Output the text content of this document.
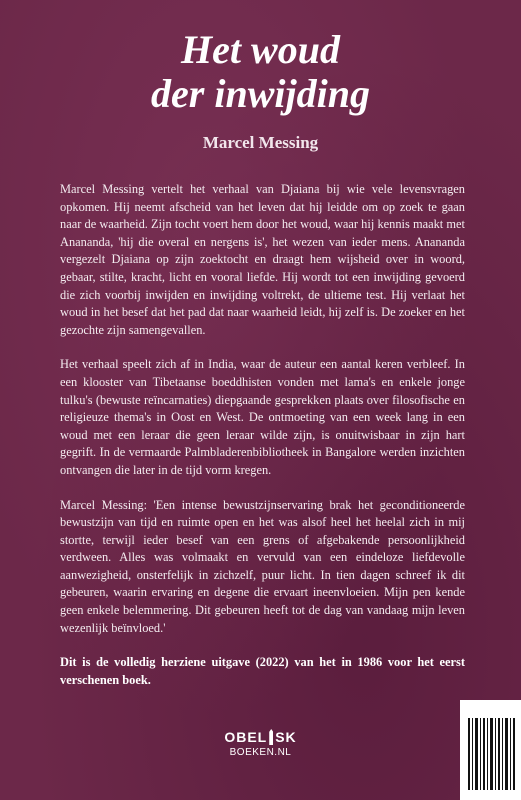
Het woud
der inwijding
Marcel Messing

Marcel Messing vertelt het verhaal van Djaiana bij wie vele levensvragen opkomen. Hij neemt afscheid van het leven dat hij leidde om op zoek te gaan naar de waarheid. Zijn tocht voert hem door het woud, waar hij kennis maakt met Anananda, 'hij die overal en nergens is', het wezen van ieder mens. Anananda vergezelt Djaiana op zijn zoektocht en draagt hem wijsheid over in woord, gebaar, stilte, kracht, licht en vooral liefde. Hij wordt tot een inwijding gevoerd die zich voorbij inwijden en inwijding voltrekt, de ultieme test. Hij verlaat het woud in het besef dat het pad dat naar waarheid leidt, hij zelf is. De zoeker en het gezochte zijn samengevallen.

Het verhaal speelt zich af in India, waar de auteur een aantal keren verbleef. In een klooster van Tibetaanse boeddhisten vonden met lama's en enkele jonge tulku's (bewuste reïncarnaties) diepgaande gesprekken plaats over filosofische en religieuze thema's in Oost en West. De ontmoeting van een week lang in een woud met een leraar die geen leraar wilde zijn, is onuitwisbaar in zijn hart gegrift. In de vermaarde Palmbladerenbibliotheek in Bangalore werden inzichten ontvangen die later in de tijd vorm kregen.

Marcel Messing: 'Een intense bewustzijnservaring brak het geconditioneerde bewustzijn van tijd en ruimte open en het was alsof heel het heelal zich in mij stortte, terwijl ieder besef van een grens of afgebakende persoonlijkheid verdween. Alles was volmaakt en vervuld van een eindeloze liefdevolle aanwezigheid, onsterfelijk in zichzelf, puur licht. In tien dagen schreef ik dit gebeuren, waarin ervaring en degene die ervaart ineenvloeien. Mijn pen kende geen enkele belemmering. Dit gebeuren heeft tot de dag van vandaag mijn leven wezenlijk beïnvloed.'

Dit is de volledig herziene uitgave (2022) van het in 1986 voor het eerst verschenen boek.

OBEL SK
BOEKEN.NL
